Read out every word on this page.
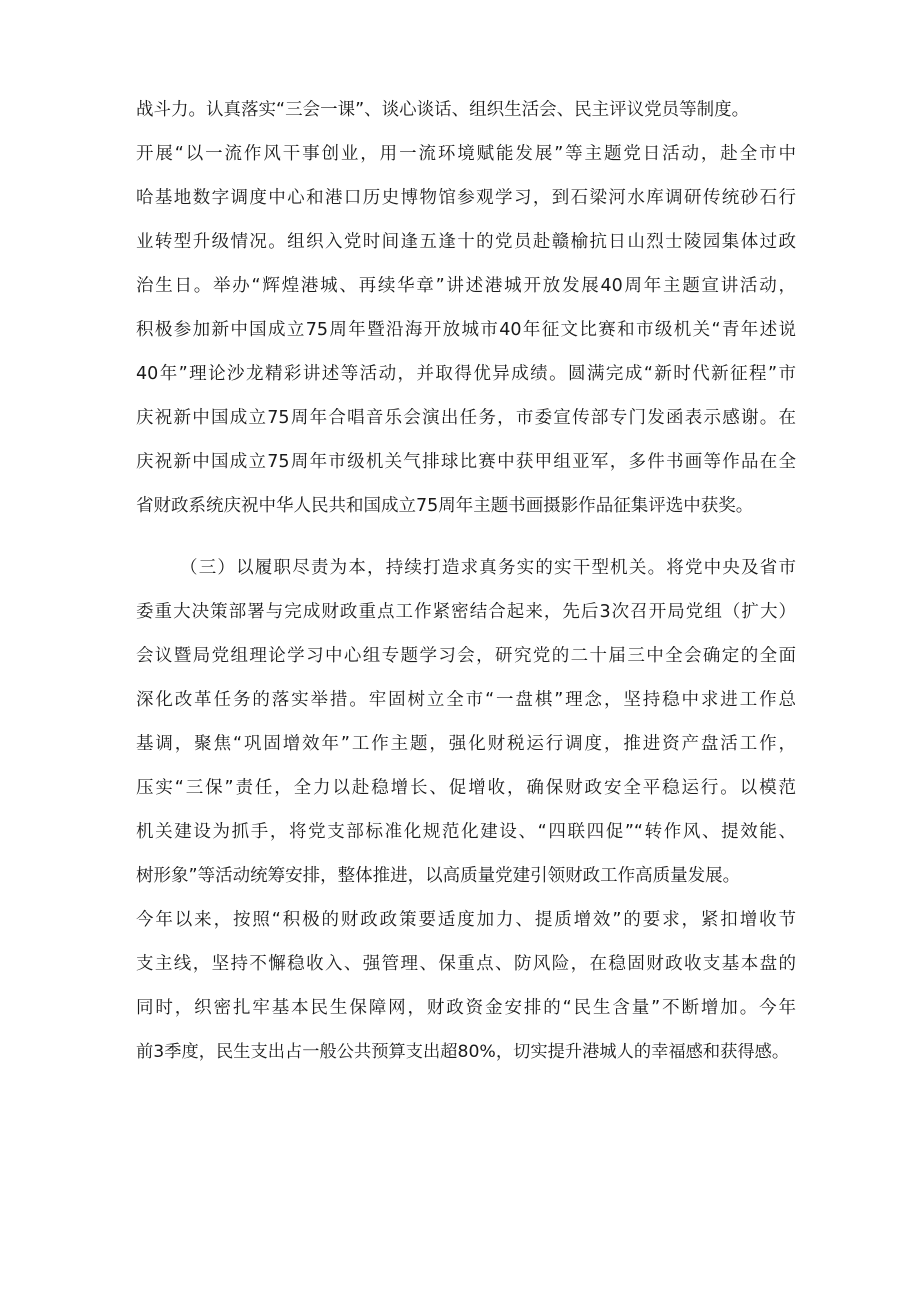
战斗力。认真落实“三会一课”、谈心谈话、组织生活会、民主评议党员等制度。
开展“以一流作风干事创业，用一流环境赋能发展”等主题党日活动，赴全市中
哈基地数字调度中心和港口历史博物馆参观学习，到石梁河水库调研传统砂石行
业转型升级情况。组织入党时间逢五逢十的党员赴赣榆抗日山烈士陵园集体过政
治生日。举办“辉煌港城、再续华章”讲述港城开放发展40周年主题宣讲活动，
积极参加新中国成立75周年暨沿海开放城市40年征文比赛和市级机关“青年述说
40年”理论沙龙精彩讲述等活动，并取得优异成绩。圆满完成“新时代新征程”市
庆祝新中国成立75周年合唱音乐会演出任务，市委宣传部专门发函表示感谢。在
庆祝新中国成立75周年市级机关气排球比赛中获甲组亚军，多件书画等作品在全
省财政系统庆祝中华人民共和国成立75周年主题书画摄影作品征集评选中获奖。
（三）以履职尽责为本，持续打造求真务实的实干型机关。将党中央及省市
委重大决策部署与完成财政重点工作紧密结合起来，先后3次召开局党组（扩大）
会议暨局党组理论学习中心组专题学习会，研究党的二十届三中全会确定的全面
深化改革任务的落实举措。牢固树立全市“一盘棋”理念，坚持稳中求进工作总
基调，聚焦“巩固增效年”工作主题，强化财税运行调度，推进资产盘活工作，
压实“三保”责任，全力以赴稳增长、促增收，确保财政安全平稳运行。以模范
机关建设为抓手，将党支部标准化规范化建设、“四联四促”“转作风、提效能、
树形象”等活动统筹安排，整体推进，以高质量党建引领财政工作高质量发展。
今年以来，按照“积极的财政政策要适度加力、提质增效”的要求，紧扣增收节
支主线，坚持不懈稳收入、强管理、保重点、防风险，在稳固财政收支基本盘的
同时，织密扎牢基本民生保障网，财政资金安排的“民生含量”不断增加。今年
前3季度，民生支出占一般公共预算支出超80%，切实提升港城人的幸福感和获得感。
